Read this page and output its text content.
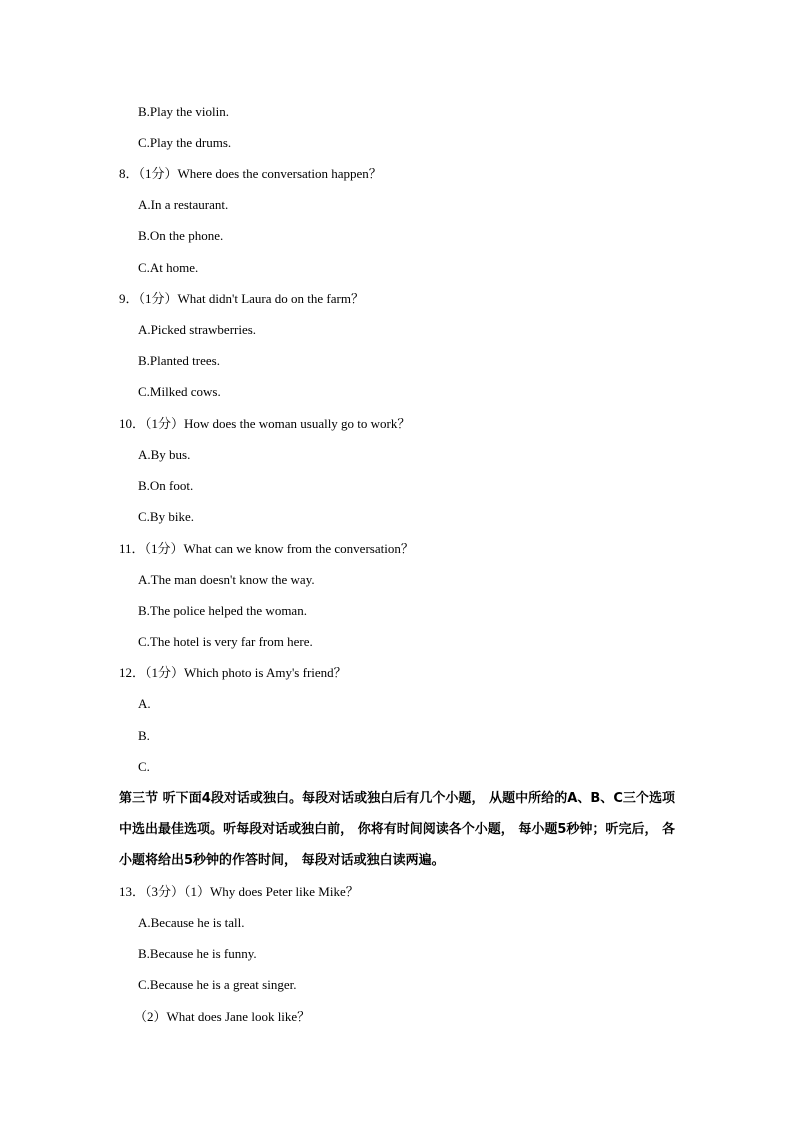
B.Play the violin.
C.Play the drums.
8．（1分）Where does the conversation happen？
A.In a restaurant.
B.On the phone.
C.At home.
9．（1分）What didn't Laura do on the farm？
A.Picked strawberries.
B.Planted trees.
C.Milked cows.
10．（1分）How does the woman usually go to work？
A.By bus.
B.On foot.
C.By bike.
11．（1分）What can we know from the conversation？
A.The man doesn't know the way.
B.The police helped the woman.
C.The hotel is very far from here.
12．（1分）Which photo is Amy's friend？
A.
B.
C.
第三节 听下面4段对话或独白。每段对话或独白后有几个小题， 从题中所给的A、B、C三个选项中选出最佳选项。听每段对话或独白前， 你将有时间阅读各个小题， 每小题5秒钟；听完后， 各小题将给出5秒钟的作答时间， 每段对话或独白读两遍。
13．（3分）（1）Why does Peter like Mike？
A.Because he is tall.
B.Because he is funny.
C.Because he is a great singer.
（2）What does Jane look like？
